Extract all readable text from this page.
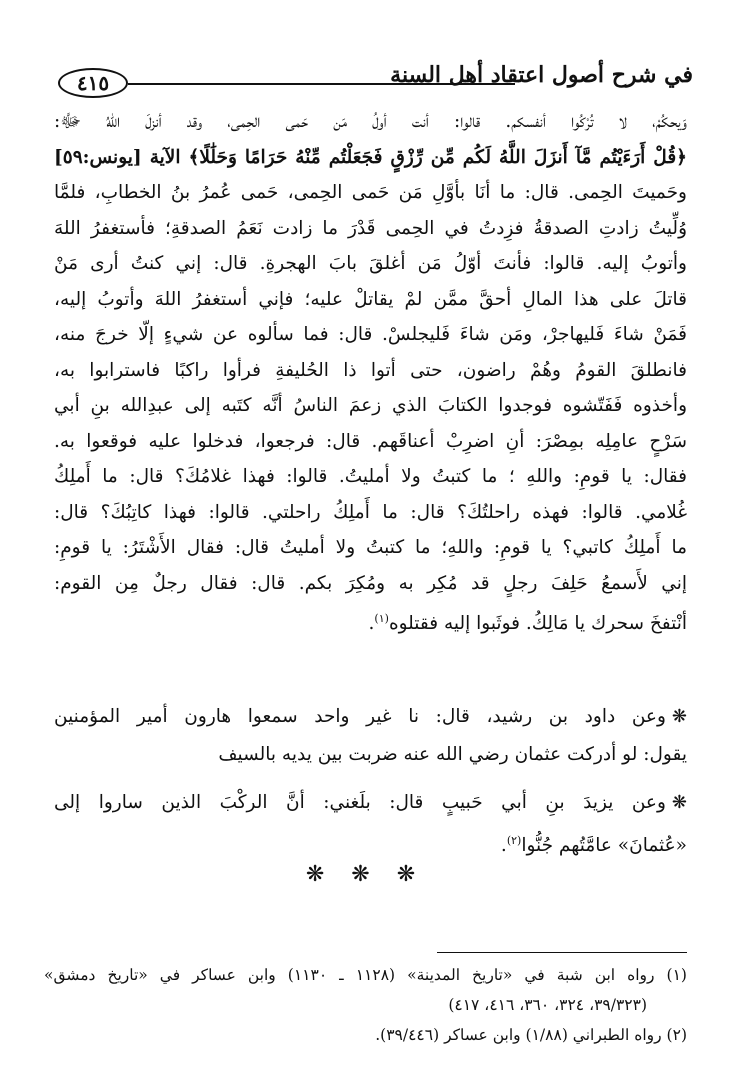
٤١٥	في شرح أصول اعتقاد أهل السنة
وَيحكُمْ، لا تُرْكُوا أنفسكم. قالوا: أنت أولُ مَن حَمى الحِمى، وقد أنزلَ اللهُ ﷻ:
﴿قُلْ أَرَءَيْتُم مَّآ أَنزَلَ اللَّهُ لَكُم مِّن رِّزْقٍ فَجَعَلْتُم مِّنْهُ حَرَامًا وَحَلَٰلًا﴾ الآية [يونس:٥٩]
وحَميتَ الحِمى. قال: ما أنَا بأوَّلِ مَن حَمى الحِمى، حَمى عُمرُ بنُ الخطابِ، فلمَّا
وُلِّيتُ زادتِ الصدقةُ فزِدتُ في الحِمى قَدْرَ ما زادت نَعَمُ الصدقةِ؛ فأستغفرُ اللهَ
وأتوبُ إليه. قالوا: فأنتَ أوّلُ مَن أغلقَ بابَ الهجرةِ. قال: إني كنتُ أرى مَنْ
قاتلَ على هذا المالِ أحقَّ ممَّن لمْ يقاتلْ عليه؛ فإني أستغفرُ اللهَ وأتوبُ إليه،
فَمَنْ شاءَ فَليهاجرْ، ومَن شاءَ فَليجلسْ. قال: فما سألوه عن شيءٍ إلّا خرجَ منه،
فانطلقَ القومُ وهُمْ راضون، حتى أتوا ذا الحُليفةِ فرأوا راكبًا فاسترابوا به،
وأخذوه فَفَتّشوه فوجدوا الكتابَ الذي زعمَ الناسُ أنَّه كتَبه إلى عبدِالله بنِ أبي
سَرْحٍ عامِلِه بمِصْرَ: أنِ اضرِبْ أعناقَهم. قال: فرجعوا، فدخلوا عليه فوقعوا به.
فقال: يا قومِ: واللهِ ؛ ما كتبتُ ولا أمليتُ. قالوا: فهذا غلامُكَ؟ قال: ما أَملِكُ
غُلامي. قالوا: فهذه راحلتُكَ؟ قال: ما أَملِكُ راحلتي. قالوا: فهذا كاتِبُكَ؟ قال:
ما أَملِكُ كاتبي؟ يا قومِ: واللهِ؛ ما كتبتُ ولا أمليتُ قال: فقال الأَشْتَرُ: يا قومِ:
إني لأَسمعُ حَلِفَ رجلٍ قد مُكِر به ومُكِرَ بكم. قال: فقال رجلٌ مِن القوم:
أنْتفخَ سحرك يا مَالِكُ. فوثَبوا إليه فقتلوه$^{(١)}$.
❋وعن داود بن رشيد، قال: نا غير واحد سمعوا هارون أمير المؤمنين
يقول: لو أدركت عثمان رضي الله عنه ضربت بين يديه بالسيف
❋وعن يزيدَ بنِ أبي حَبيبٍ قال: بلَغني: أنَّ الركْبَ الذين ساروا إلى
«عُثمانَ» عامَّتُهم جُنُّوا$^{(٢)}$.
❋ ❋ ❋
(١) رواه ابن شبة في «تاريخ المدينة» (١١٢٨ ـ ١١٣٠) وابن عساكر في «تاريخ دمشق»
(٣٩/٣٢٣، ٣٢٤، ٣٦٠، ٤١٦، ٤١٧)
(٢) رواه الطبراني (١/٨٨) وابن عساكر (٣٩/٤٤٦).
